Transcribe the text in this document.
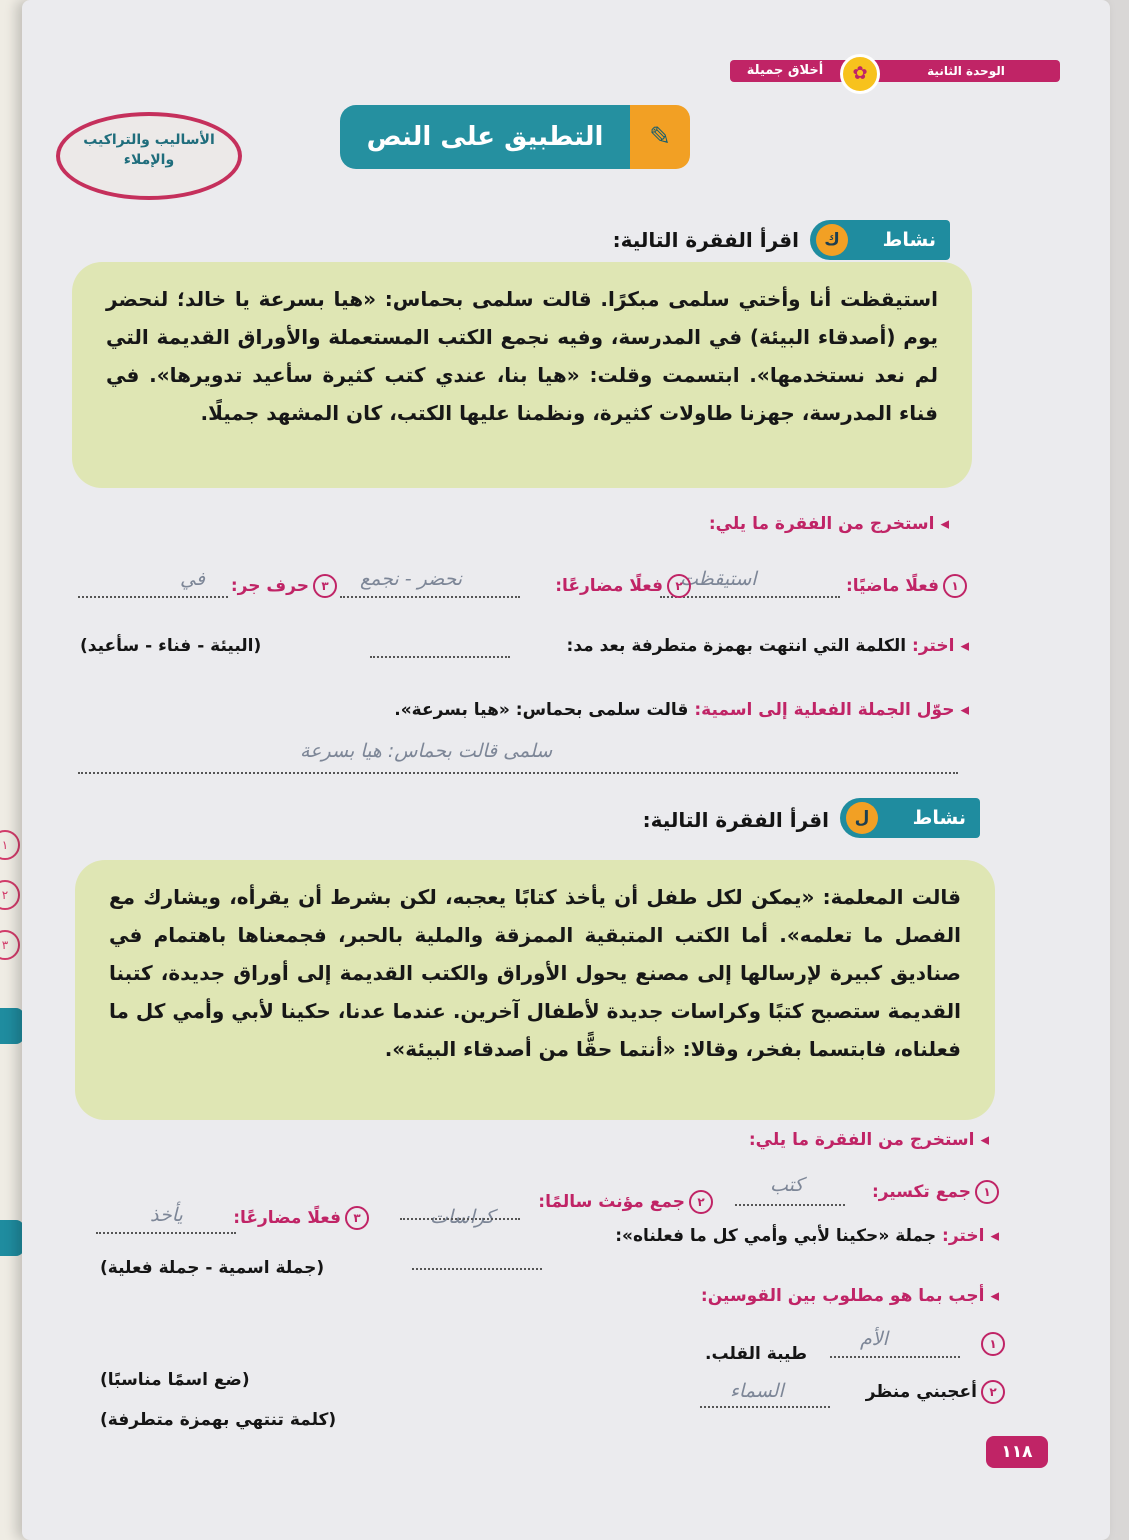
١
٢
٣
الوحدة الثانية
✿
أخلاق جميلة
الأساليب والتراكيب
والإملاء
التطبيق على النص	✎
نشاط
ك
اقرأ الفقرة التالية:
استيقظت أنا وأختي سلمى مبكرًا. قالت سلمى بحماس: «هيا بسرعة يا خالد؛ لنحضر يوم (أصدقاء البيئة) في المدرسة، وفيه نجمع الكتب المستعملة والأوراق القديمة التي لم نعد نستخدمها». ابتسمت وقلت: «هيا بنا، عندي كتب كثيرة سأعيد تدويرها». في فناء المدرسة، جهزنا طاولات كثيرة، ونظمنا عليها الكتب، كان المشهد جميلًا.
◂استخرج من الفقرة ما يلي:
١فعلًا ماضيًا:
استيقظت
٢فعلًا مضارعًا:
نحضر - نجمع
٣حرف جر:
في
◂اختر: الكلمة التي انتهت بهمزة متطرفة بعد مد:
(البيئة - فناء - سأعيد)
◂حوّل الجملة الفعلية إلى اسمية: قالت سلمى بحماس: «هيا بسرعة».
سلمى قالت بحماس: هيا بسرعة
نشاط
ل
اقرأ الفقرة التالية:
قالت المعلمة: «يمكن لكل طفل أن يأخذ كتابًا يعجبه، لكن بشرط أن يقرأه، ويشارك مع الفصل ما تعلمه». أما الكتب المتبقية الممزقة والملية بالحبر، فجمعناها باهتمام في صناديق كبيرة لإرسالها إلى مصنع يحول الأوراق والكتب القديمة إلى أوراق جديدة، كتبنا القديمة ستصبح كتبًا وكراسات جديدة لأطفال آخرين. عندما عدنا، حكينا لأبي وأمي كل ما فعلناه، فابتسما بفخر، وقالا: «أنتما حقًّا من أصدقاء البيئة».
◂استخرج من الفقرة ما يلي:
١جمع تكسير:
كتب
٢جمع مؤنث سالمًا:
كراسات
٣فعلًا مضارعًا:
يأخذ
◂اختر: جملة «حكينا لأبي وأمي كل ما فعلناه»:
(جملة اسمية - جملة فعلية)
◂أجب بما هو مطلوب بين القوسين:
١
الأم
طيبة القلب.
(ضع اسمًا مناسبًا)
٢أعجبني منظر
السماء
(كلمة تنتهي بهمزة متطرفة)
١١٨
